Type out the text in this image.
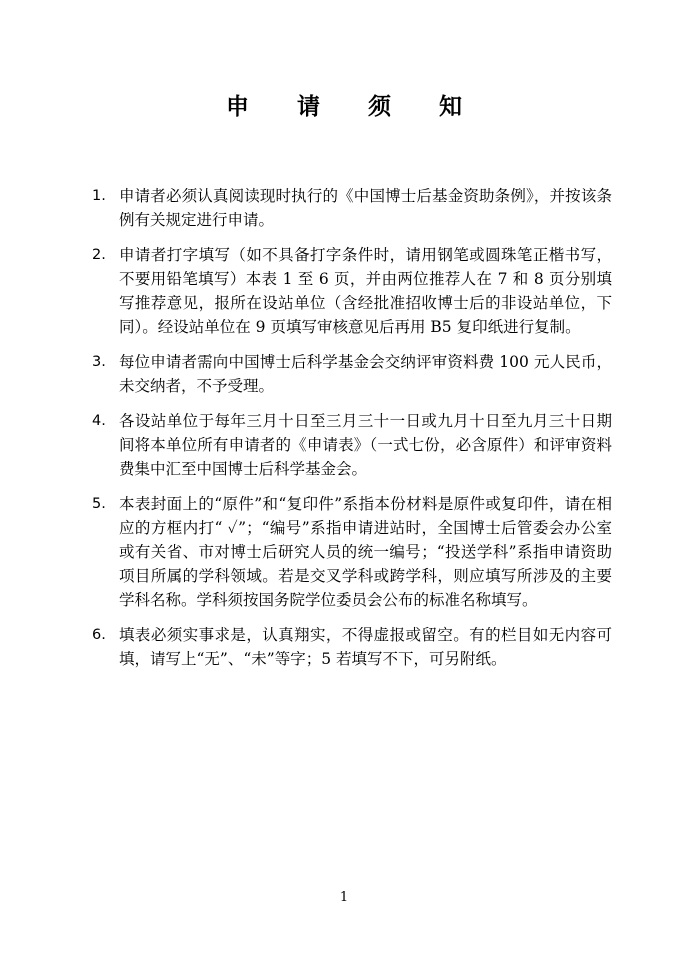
申 请 须 知
1. 申请者必须认真阅读现时执行的《中国博士后基金资助条例》，并按该条例有关规定进行申请。
2. 申请者打字填写（如不具备打字条件时，请用钢笔或圆珠笔正楷书写，不要用铅笔填写）本表 1 至 6 页，并由两位推荐人在 7 和 8 页分别填写推荐意见，报所在设站单位（含经批准招收博士后的非设站单位，下同）。经设站单位在 9 页填写审核意见后再用 B5 复印纸进行复制。
3. 每位申请者需向中国博士后科学基金会交纳评审资料费 100 元人民币，未交纳者，不予受理。
4. 各设站单位于每年三月十日至三月三十一日或九月十日至九月三十日期间将本单位所有申请者的《申请表》（一式七份，必含原件）和评审资料费集中汇至中国博士后科学基金会。
5. 本表封面上的“原件”和“复印件”系指本份材料是原件或复印件，请在相应的方框内打“ ✓”；“编号”系指申请进站时，全国博士后管委会办公室或有关省、市对博士后研究人员的统一编号；“投送学科”系指申请资助项目所属的学科领域。若是交叉学科或跨学科，则应填写所涉及的主要学科名称。学科须按国务院学位委员会公布的标准名称填写。
6. 填表必须实事求是，认真翔实，不得虚报或留空。有的栏目如无内容可填，请写上“无”、“未”等字；5 若填写不下，可另附纸。
1
